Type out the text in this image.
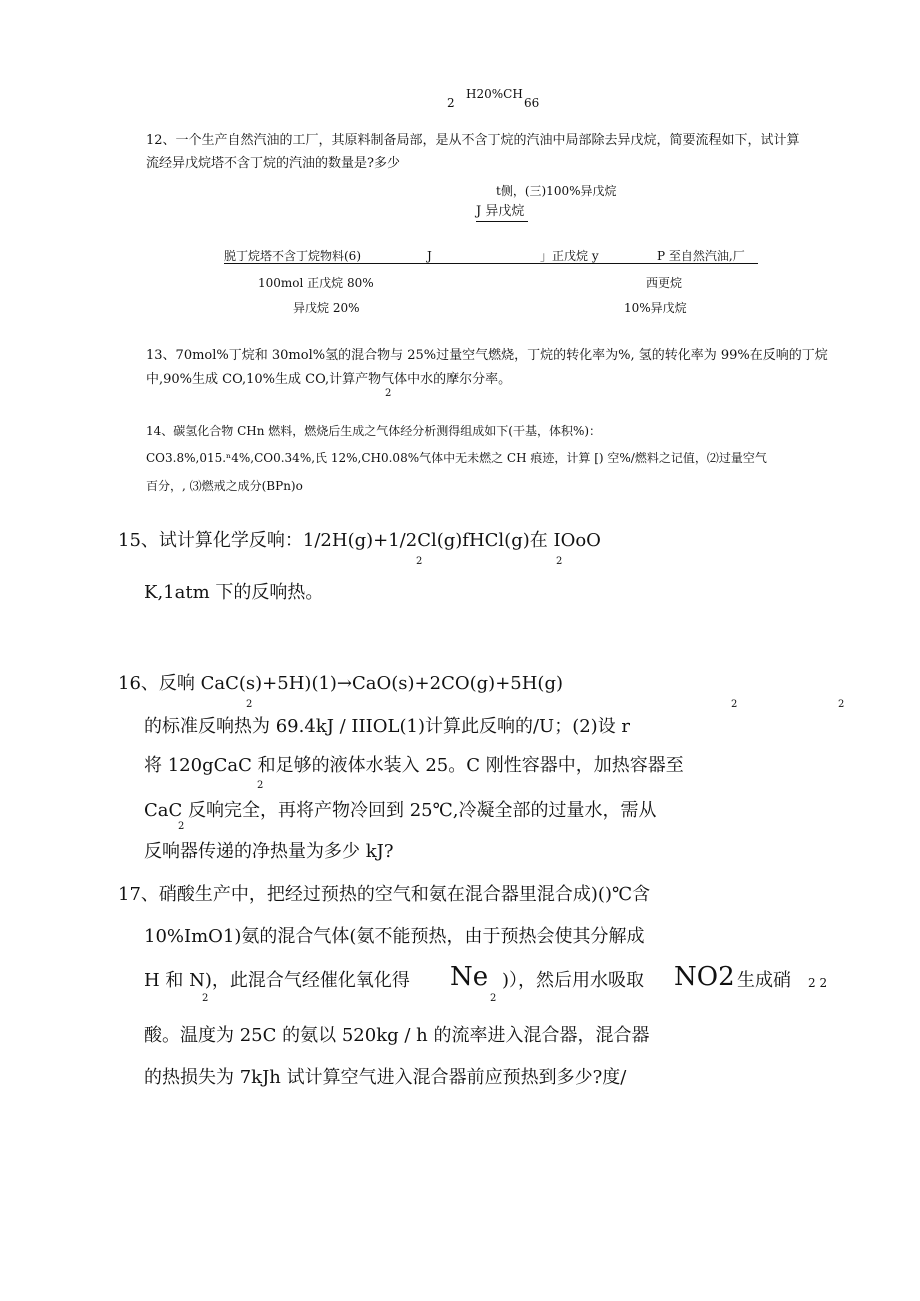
2
H20%CH
66
12、一个生产自然汽油的工厂，其原料制备局部，是从不含丁烷的汽油中局部除去异戊烷，简要流程如下，试计算
流经异戊烷塔不含丁烷的汽油的数量是?多少
t侧，(三)100%异戊烷
J 异戊烷
脱丁烷塔不含丁烷物料(6)	J	」正戊烷 y	P 至自然汽油,厂
100mol 正戊烷 80%
异戊烷 20%
西更烷
10%异戊烷
13、70mol%丁烷和 30mol%氢的混合物与 25%过量空气燃烧，丁烷的转化率为%, 氢的转化率为 99%在反响的丁烷
中,90%生成 CO,10%生成 CO,计算产物气体中水的摩尔分率。
2
14、碳氢化合物 CHn 燃料，燃烧后生成之气体经分析测得组成如下(干基，体积%)：
CO3.8%,015.ⁿ4%,CO0.34%,氏 12%,CH0.08%气体中无未燃之 CH 痕迹，计算 [) 空%/燃料之记值，⑵过量空气
百分，, ⑶燃戒之成分(BPn)o
15、试计算化学反响：1/2H(g)+1/2Cl(g)fHCl(g)在 IOoO
2	2
K,1atm 下的反响热。
16、反响 CaC(s)+5H)(1)→CaO(s)+2CO(g)+5H(g)
2	2	2
的标准反响热为 69.4kJ / IIIOL(1)计算此反响的/U；(2)设 r
将 120gCaC 和足够的液体水装入 25。C 刚性容器中，加热容器至
2
CaC 反响完全，再将产物冷回到 25℃,冷凝全部的过量水，需从
2
反响器传递的净热量为多少 kJ?
17、硝酸生产中，把经过预热的空气和氨在混合器里混合成)()℃含
10%ImO1)氨的混合气体(氨不能预热，由于预热会使其分解成
H 和 N)，此混合气经催化氧化得 Ne )），然后用水吸取 NO2 生成硝 2 2
2	2
酸。温度为 25C 的氨以 520kg / h 的流率进入混合器，混合器
的热损失为 7kJh 试计算空气进入混合器前应预热到多少?度/
